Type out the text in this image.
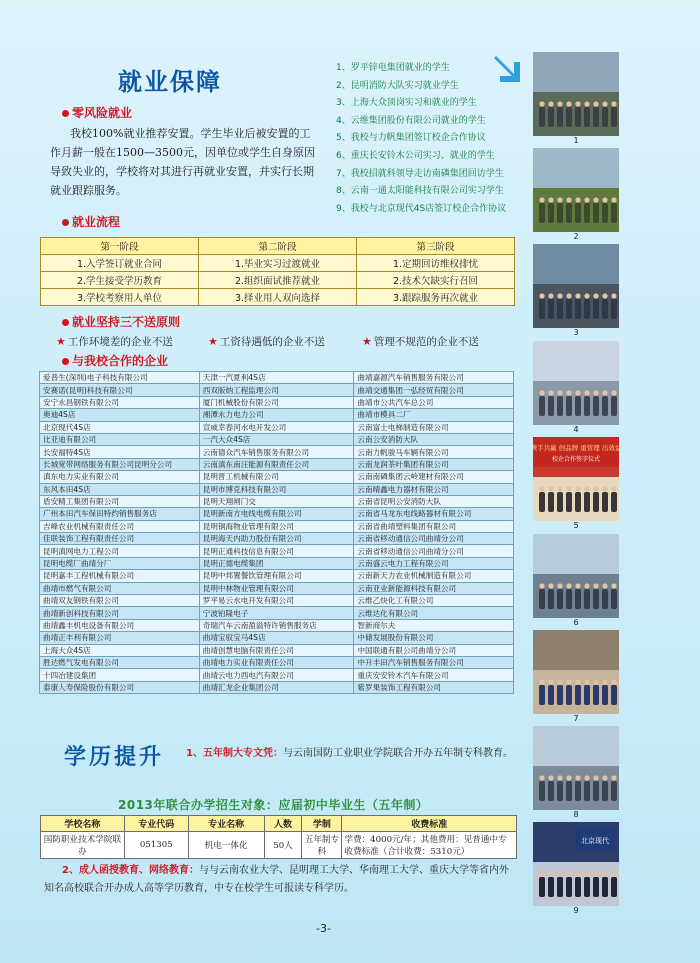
就业保障
零风险就业
我校100%就业推荐安置。学生毕业后被安置的工作月薪一般在1500—3500元，因单位或学生自身原因导致失业的，学校将对其进行再就业安置，并实行长期就业跟踪服务。
1、罗平锌电集团就业的学生
2、昆明消防大队实习就业学生
3、上海大众顶岗实习和就业的学生
4、云维集团股份有限公司就业的学生
5、我校与力帆集团签订校企合作协议
6、重庆长安铃木公司实习、就业的学生
7、我校招就科领导走访南磷集团回访学生
8、云南一通太阳能科技有限公司实习学生
9、我校与北京现代4S店签订校企合作协议
就业流程
第一阶段	第二阶段	第三阶段
1.入学签订就业合同	1.毕业实习过渡就业	1.定期回访维权排忧
2.学生接受学历教育	2.组织面试推荐就业	2.技术欠缺实行召回
3.学校考察用人单位	3.择业用人双向选择	3.跟踪服务再次就业
就业坚持三不送原则
★ 工作环境差的企业不送	★ 工资待遇低的企业不送	★ 管理不规范的企业不送
与我校合作的企业
爱普生(深圳)电子科技有限公司	天津一汽夏利4S店	曲靖嘉源汽车销售服务有限公司
安赛诺(昆明)科技有限公司	西双版纳工程监理公司	曲靖交通集团一弘经贸有限公司
安宁永昌钢铁有限公司	厦门机械股份有限公司	曲靖市公共汽车总公司
奥迪4S店	湘潭永力电力公司	曲靖市模具二厂
北京现代4S店	宣威幸春河水电开发公司	云南富士电梯制造有限公司
比亚迪有限公司	一汽大众4S店	云南公安消防大队
长安福特4S店	云南德众汽车销售服务有限公司	云南力帆骏马车辆有限公司
长城宽带网络服务有限公司昆明分公司	云南滇东南汪能源有限责任公司	云南龙润茶叶集团有限公司
滇东电力实业有限公司	昆明晋工机械有限公司	云南南磷集团云岭建材有限公司
东风本田4S店	昆明市博克科技有限公司	云南晴鑫电力器材有限公司
盾安精工集团有限公司	昆明天翔闸门交	云南省昆明公安消防大队
广州本田汽车保田特约销售服务店	昆明新南方电线电缆有限公司	云南省马龙东电线路器材有限公司
吉峰农业机械有限责任公司	昆明铜海物业管理有限公司	云南省曲靖塑料集团有限公司
佳联装饰工程有限责任公司	昆明海天内助力股份有限公司	云南省移动通信公司曲靖分公司
昆明滇网电力工程公司	昆明正通科技信息有限公司	云南省移动通信公司曲靖分公司
昆明电缆厂曲靖分厂	昆明正德电缆集团	云南盛云电力工程有限公司
昆明嘉丰工程机械有限公司	昆明中邦置餐饮管理有限公司	云南新天力农业机械制造有限公司
曲靖市燃气有限公司	昆明中林物业管理有限公司	云南亚业新能源科技有限公司
曲靖双友钢铁有限公司	罗平易云水电开发有限公司	云维乙炔化工有限公司
曲靖新创科技有限公司	宁波铂隆电子	云维达化有限公司
曲靖鑫丰机电设备有限公司	奇瑞汽车云南盈溢特许销售服务店	智新商尔夫
曲靖正丰利有限公司	曲靖宝驭宝马4S店	中储发展股份有限公司
上海大众4S店	曲靖创慧电脑有限责任公司	中国联通有限公司曲靖分公司
胜达燃气发电有限公司	曲靖电力实业有限责任公司	中升丰田汽车销售服务有限公司
十四冶建设集团	曲靖云电力西电汽有限公司	重庆安安铃木汽车有限公司
泰康人寿保险股份有限公司	曲靖汇龙企业集团公司	紫罗果装饰工程有限公司
学历提升 1、五年制大专文凭：与云南国防工业职业学院联合开办五年制专科教育。
2013年联合办学招生对象：应届初中毕业生（五年制）
学校名称	专业代码	专业名称	人数	学制	收费标准
国防职业技术学院联办	051305	机电一体化	50人	五年制专科	学费：4000元/年；其他费用：见普通中专收费标准（合计收费：5310元）
2、成人函授教育、网络教育：与与云南农业大学、昆明理工大学、华南理工大学、重庆大学等省内外知名高校联合开办成人高等学历教育，中专在校学生可报读专科学历。
-3-
1
2
3
4
携手共赢 创品牌 重管理 出效益
校企合作签字仪式
5
6
7
8
北京现代
9
